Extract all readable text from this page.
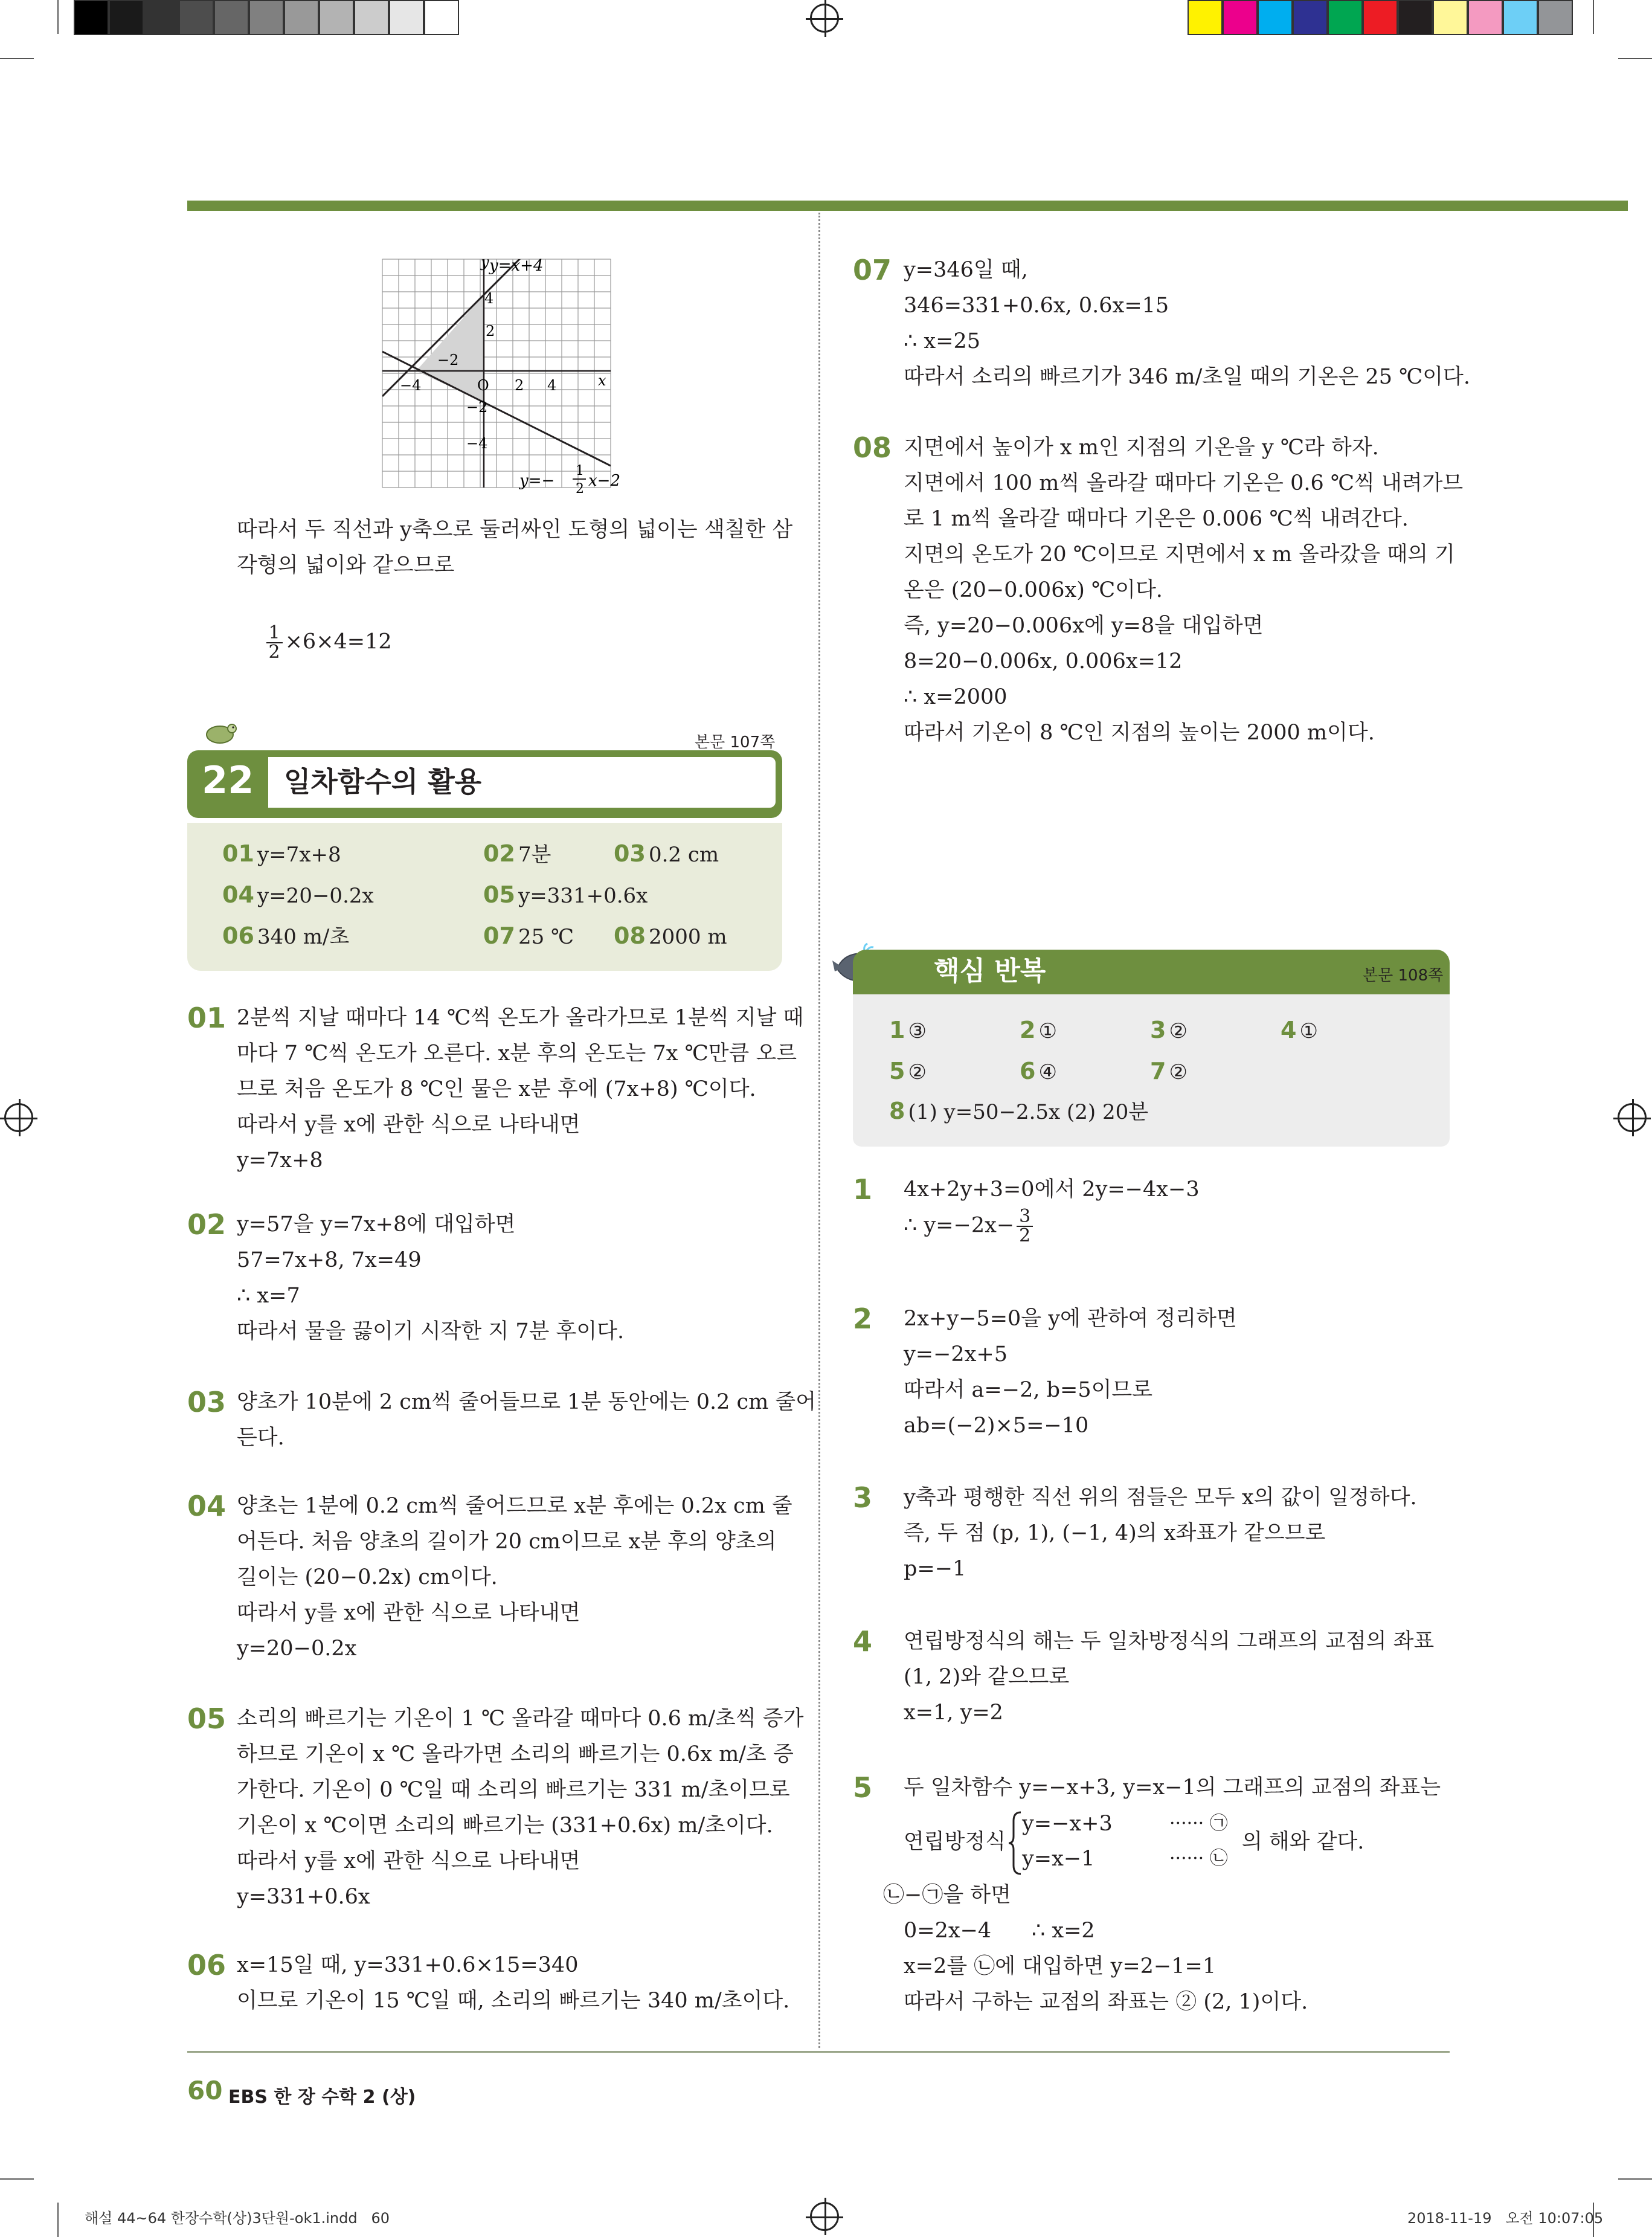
y
x
O
4
2
−2
−4	2 4
−2
−4
y=x+4
y=−
1
2 x−2
따라서 두 직선과 y축으로 둘러싸인 도형의 넓이는 색칠한 삼
각형의 넓이와 같으므로

$\frac{1}{2} \times 6\times 4=12$

22 일차함수의 활용
본문 107쪽
01 y=7x+8	02 7분	03 0.2 cm
04 y=20−0.2x	05 y=331+0.6x
06 340 m/초	07 25 ℃ 08 2000 m
01 2분씩 지날 때마다 14 ℃씩 온도가 올라가므로 1분씩 지날 때
마다 7 ℃씩 온도가 오른다. x분 후의 온도는 7x ℃만큼 오르
므로 처음 온도가 8 ℃인 물은 x분 후에 (7x+8) ℃이다.
따라서 y를 x에 관한 식으로 나타내면
y=7x+8
02 y=57을 y=7x+8에 대입하면
57=7x+8, 7x=49
∴ x=7
따라서 물을 끓이기 시작한 지 7분 후이다.
03 양초가 10분에 2 cm씩 줄어들므로 1분 동안에는 0.2 cm 줄어
든다.
04 양초는 1분에 0.2 cm씩 줄어드므로 x분 후에는 0.2x cm 줄
어든다. 처음 양초의 길이가 20 cm이므로 x분 후의 양초의
길이는 (20−0.2x) cm이다.
따라서 y를 x에 관한 식으로 나타내면
y=20−0.2x
05 소리의 빠르기는 기온이 1 ℃ 올라갈 때마다 0.6 m/초씩 증가
하므로 기온이 x ℃ 올라가면 소리의 빠르기는 0.6x m/초 증
가한다. 기온이 0 ℃일 때 소리의 빠르기는 331 m/초이므로
기온이 x ℃이면 소리의 빠르기는 (331+0.6x) m/초이다.
따라서 y를 x에 관한 식으로 나타내면
y=331+0.6x
06 x=15일 때, y=331+0.6×15=340
이므로 기온이 15 ℃일 때, 소리의 빠르기는 340 m/초이다.
07 y=346일 때,
346=331+0.6x, 0.6x=15
∴ x=25
따라서 소리의 빠르기가 346 m/초일 때의 기온은 25 ℃이다.
08 지면에서 높이가 x m인 지점의 기온을 y ℃라 하자.
지면에서 100 m씩 올라갈 때마다 기온은 0.6 ℃씩 내려가므
로 1 m씩 올라갈 때마다 기온은 0.006 ℃씩 내려간다.
지면의 온도가 20 ℃이므로 지면에서 x m 올라갔을 때의 기
온은 (20−0.006x) ℃이다.
즉, y=20−0.006x에 y=8을 대입하면
8=20−0.006x, 0.006x=12
∴ x=2000
따라서 기온이 8 ℃인 지점의 높이는 2000 m이다.
핵심 반복	본문 108쪽
1 ③	2 ①	3 ②	4 ①
5 ②	6 ④	7 ②
8 (1) y=50−2.5x (2) 20분
1 4x+2y+3=0에서 2y=−4x−3
∴ $y=-2x- \frac{3}{2}$
2 2x+y−5=0을 y에 관하여 정리하면
y=−2x+5
따라서 a=−2, b=5이므로
ab=(−2)×5=−10
3 y축과 평행한 직선 위의 점들은 모두 x의 값이 일정하다.
즉, 두 점 (p, 1), (−1, 4)의 x좌표가 같으므로
p=−1
4 연립방정식의 해는 두 일차방정식의 그래프의 교점의 좌표
(1, 2)와 같으므로
x=1, y=2
5 두 일차함수 y=−x+3, y=x−1의 그래프의 교점의 좌표는
연립방정식
y=−x+3
y=x−1
······ ㉠
······ ㉡
의 해와 같다.
㉡−㉠을 하면
0=2x−4      ∴ x=2
x=2를 ㉡에 대입하면 y=2−1=1
따라서 구하는 교점의 좌표는 ② (2, 1)이다.
60 EBS 한 장 수학 2 (상)
해설 44~64 한장수학(상)3단원-ok1.indd   60	2018-11-19   오전 10:07:05
